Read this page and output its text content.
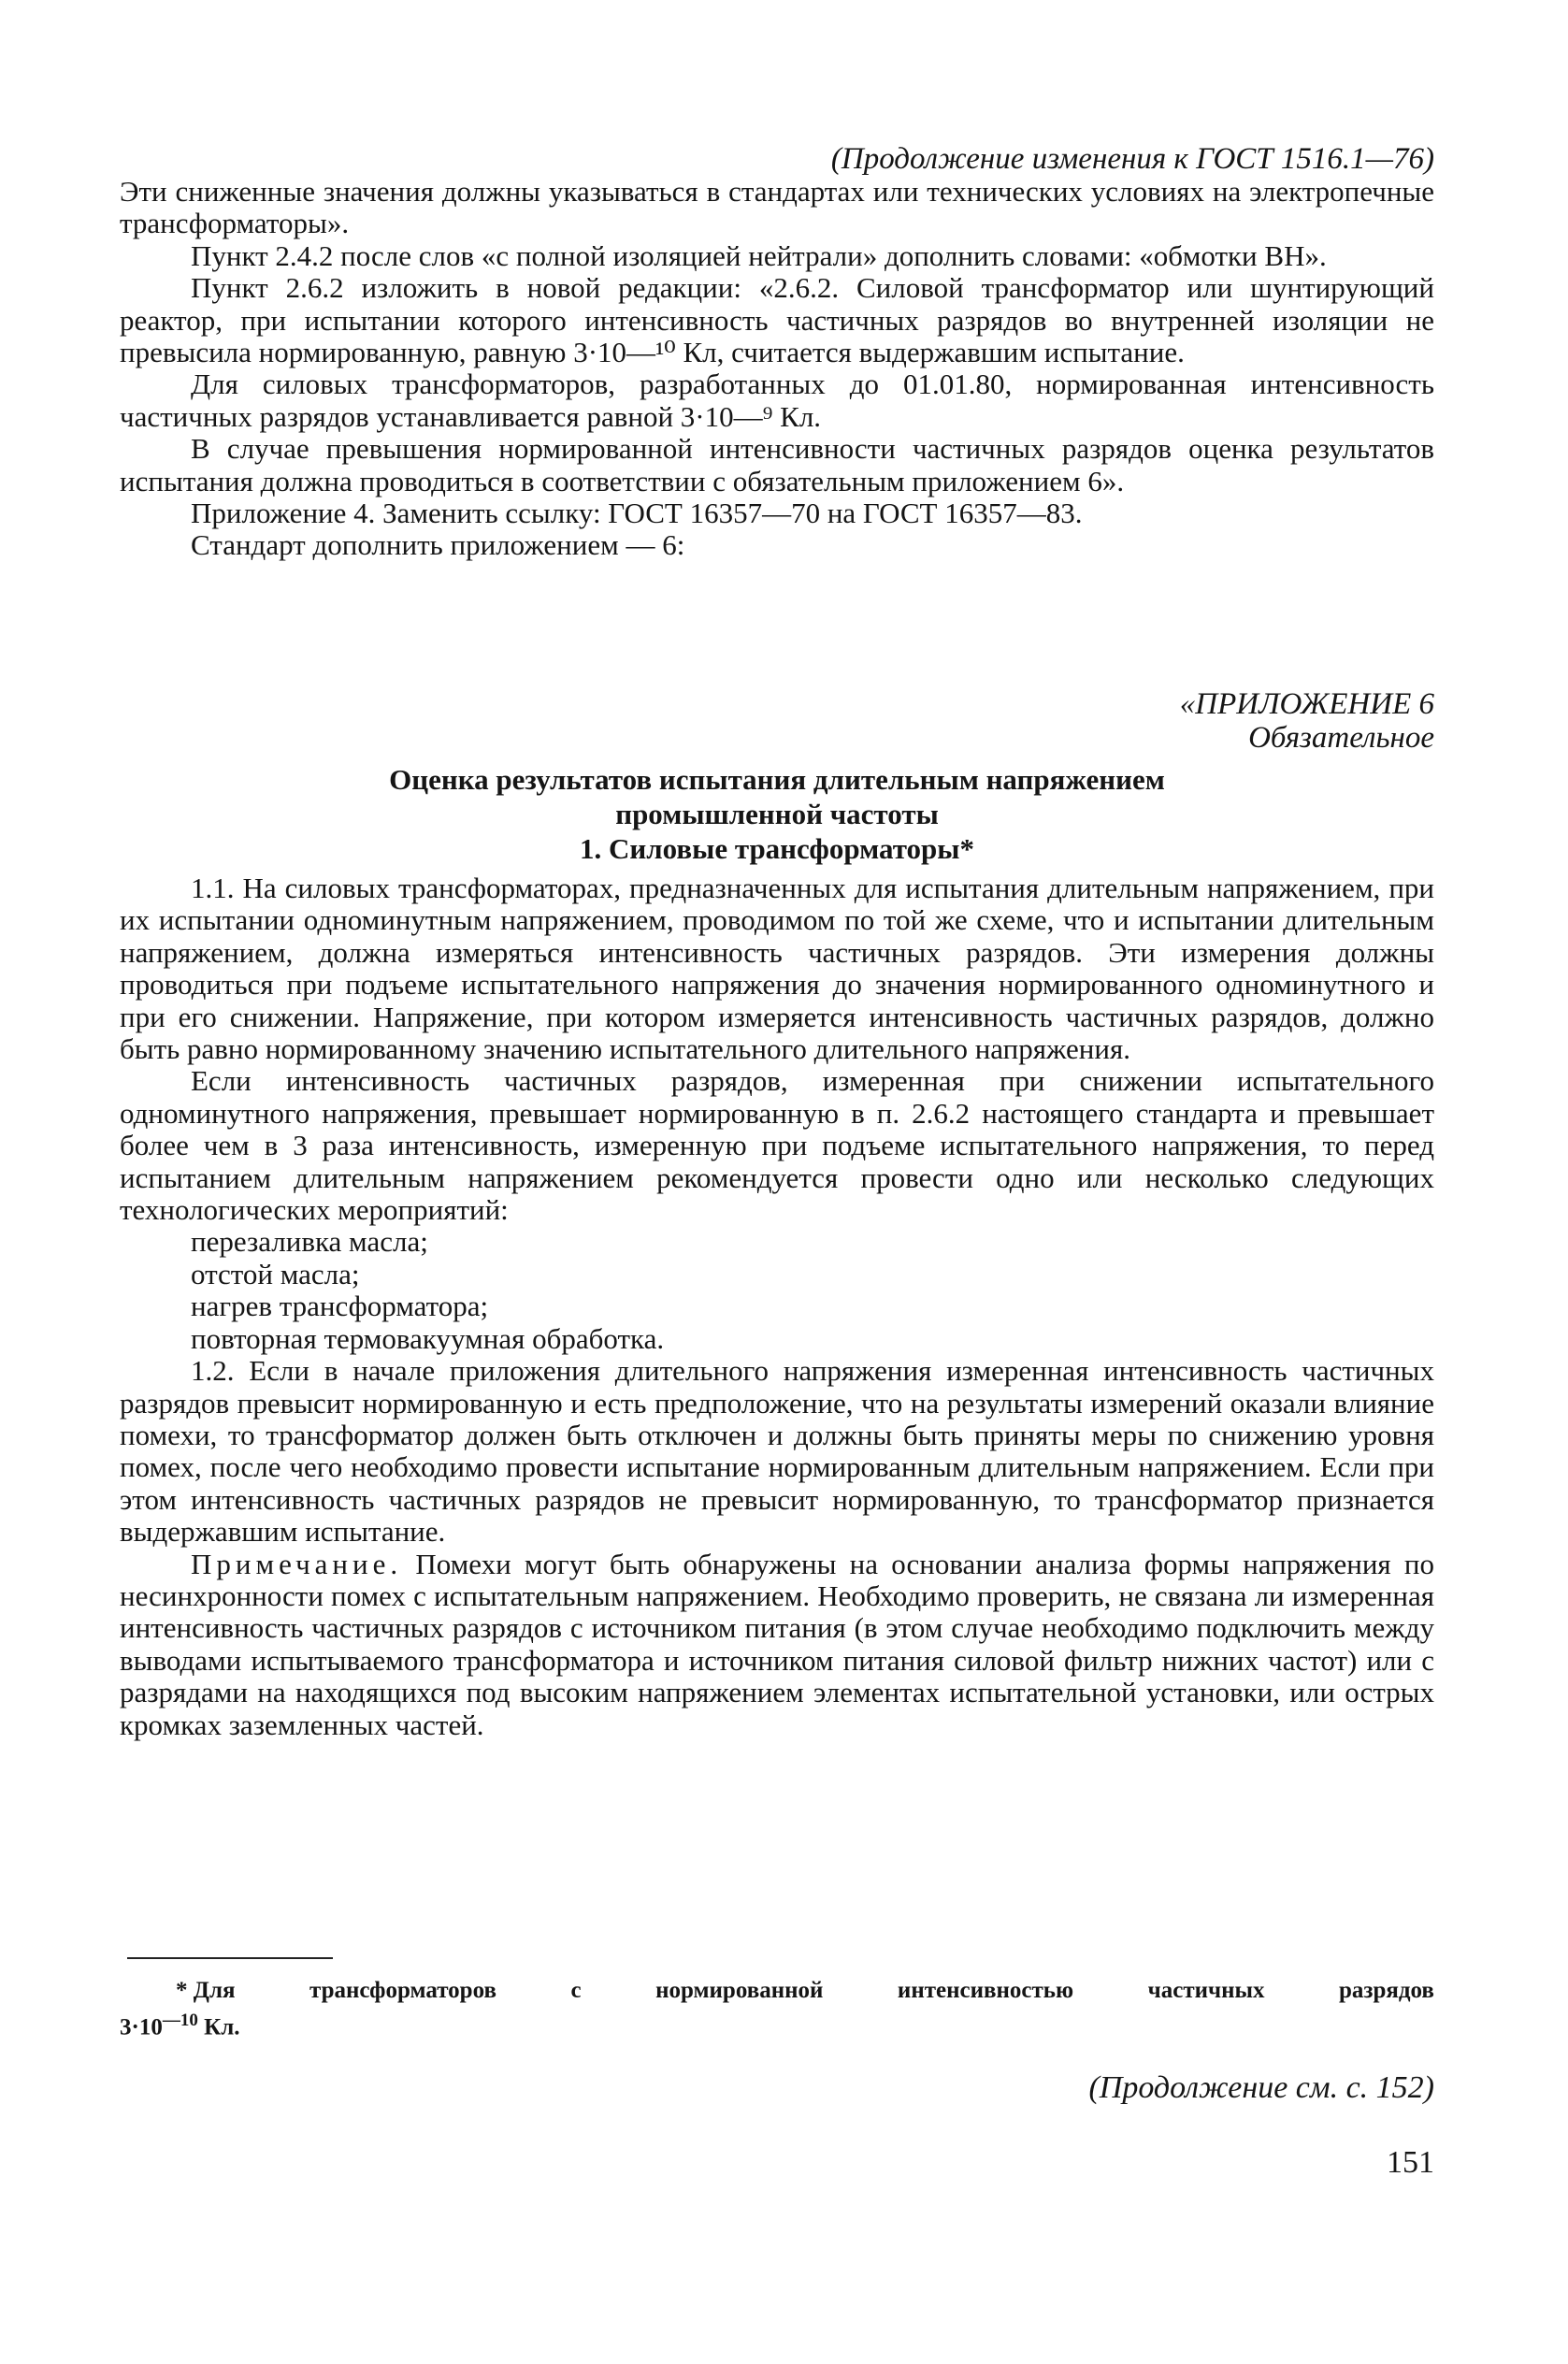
(Продолжение изменения к ГОСТ 1516.1—76)

Эти сниженные значения должны указываться в стандартах или технических условиях на электропечные трансформаторы».

Пункт 2.4.2 после слов «с полной изоляцией нейтрали» дополнить словами: «обмотки ВН».

Пункт 2.6.2 изложить в новой редакции: «2.6.2. Силовой трансформатор или шунтирующий реактор, при испытании которого интенсивность частичных разрядов во внутренней изоляции не превысила нормированную, равную 3·10—¹⁰ Кл, считается выдержавшим испытание.

Для силовых трансформаторов, разработанных до 01.01.80, нормированная интенсивность частичных разрядов устанавливается равной 3·10—⁹ Кл.

В случае превышения нормированной интенсивности частичных разрядов оценка результатов испытания должна проводиться в соответствии с обязательным приложением 6».

Приложение 4. Заменить ссылку: ГОСТ 16357—70 на ГОСТ 16357—83.

Стандарт дополнить приложением — 6:

«ПРИЛОЖЕНИЕ 6
Обязательное

Оценка результатов испытания длительным напряжением

промышленной частоты

1. Силовые трансформаторы*

1.1. На силовых трансформаторах, предназначенных для испытания длительным напряжением, при их испытании одноминутным напряжением, проводимом по той же схеме, что и испытании длительным напряжением, должна измеряться интенсивность частичных разрядов. Эти измерения должны проводиться при подъеме испытательного напряжения до значения нормированного одноминутного и при его снижении. Напряжение, при котором измеряется интенсивность частичных разрядов, должно быть равно нормированному значению испытательного длительного напряжения.

Если интенсивность частичных разрядов, измеренная при снижении испытательного одноминутного напряжения, превышает нормированную в п. 2.6.2 настоящего стандарта и превышает более чем в 3 раза интенсивность, измеренную при подъеме испытательного напряжения, то перед испытанием длительным напряжением рекомендуется провести одно или несколько следующих технологических мероприятий:

перезаливка масла;
отстой масла;
нагрев трансформатора;
повторная термовакуумная обработка.

1.2. Если в начале приложения длительного напряжения измеренная интенсивность частичных разрядов превысит нормированную и есть предположение, что на результаты измерений оказали влияние помехи, то трансформатор должен быть отключен и должны быть приняты меры по снижению уровня помех, после чего необходимо провести испытание нормированным длительным напряжением. Если при этом интенсивность частичных разрядов не превысит нормированную, то трансформатор признается выдержавшим испытание.

Примечание. Помехи могут быть обнаружены на основании анализа формы напряжения по несинхронности помех с испытательным напряжением. Необходимо проверить, не связана ли измеренная интенсивность частичных разрядов с источником питания (в этом случае необходимо подключить между выводами испытываемого трансформатора и источником питания силовой фильтр нижних частот) или с разрядами на находящихся под высоким напряжением элементах испытательной установки, или острых кромках заземленных частей.

* Для	трансформаторов	с	нормированной	интенсивностью	частичных	разрядов
$3\cdot 10^{—10}$ Кл.
(Продолжение см. с. 152)
151
